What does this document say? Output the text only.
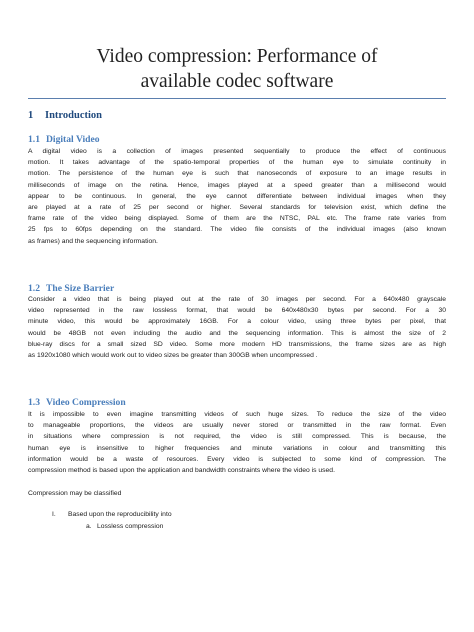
Video compression: Performance of
available codec software
1 Introduction
1.1 Digital Video
A digital video is a collection of images presented sequentially to produce the effect of continuous
motion. It takes advantage of the spatio-temporal properties of the human eye to simulate continuity in
motion. The persistence of the human eye is such that nanoseconds of exposure to an image results in
milliseconds of image on the retina. Hence, images played at a speed greater than a millisecond would
appear to be continuous. In general, the eye cannot differentiate between individual images when they
are played at a rate of 25 per second or higher. Several standards for television exist, which define the
frame rate of the video being displayed. Some of them are the NTSC, PAL etc. The frame rate varies from
25 fps to 60fps depending on the standard. The video file consists of the individual images (also known
as frames) and the sequencing information.
1.2 The Size Barrier
Consider a video that is being played out at the rate of 30 images per second. For a 640x480 grayscale
video represented in the raw lossless format, that would be 640x480x30 bytes per second. For a 30
minute video, this would be approximately 16GB. For a colour video, using three bytes per pixel, that
would be 48GB not even including the audio and the sequencing information. This is almost the size of 2
blue-ray discs for a small sized SD video. Some more modern HD transmissions, the frame sizes are as high
as 1920x1080 which would work out to video sizes be greater than 300GB when uncompressed .
1.3 Video Compression
It is impossible to even imagine transmitting videos of such huge sizes. To reduce the size of the video
to manageable proportions, the videos are usually never stored or transmitted in the raw format. Even
in situations where compression is not required, the video is still compressed. This is because, the
human eye is insensitive to higher frequencies and minute variations in colour and transmitting this
information would be a waste of resources. Every video is subjected to some kind of compression. The
compression method is based upon the application and bandwidth constraints where the video is used.
Compression may be classified
I. Based upon the reproducibility into
a. Lossless compression
